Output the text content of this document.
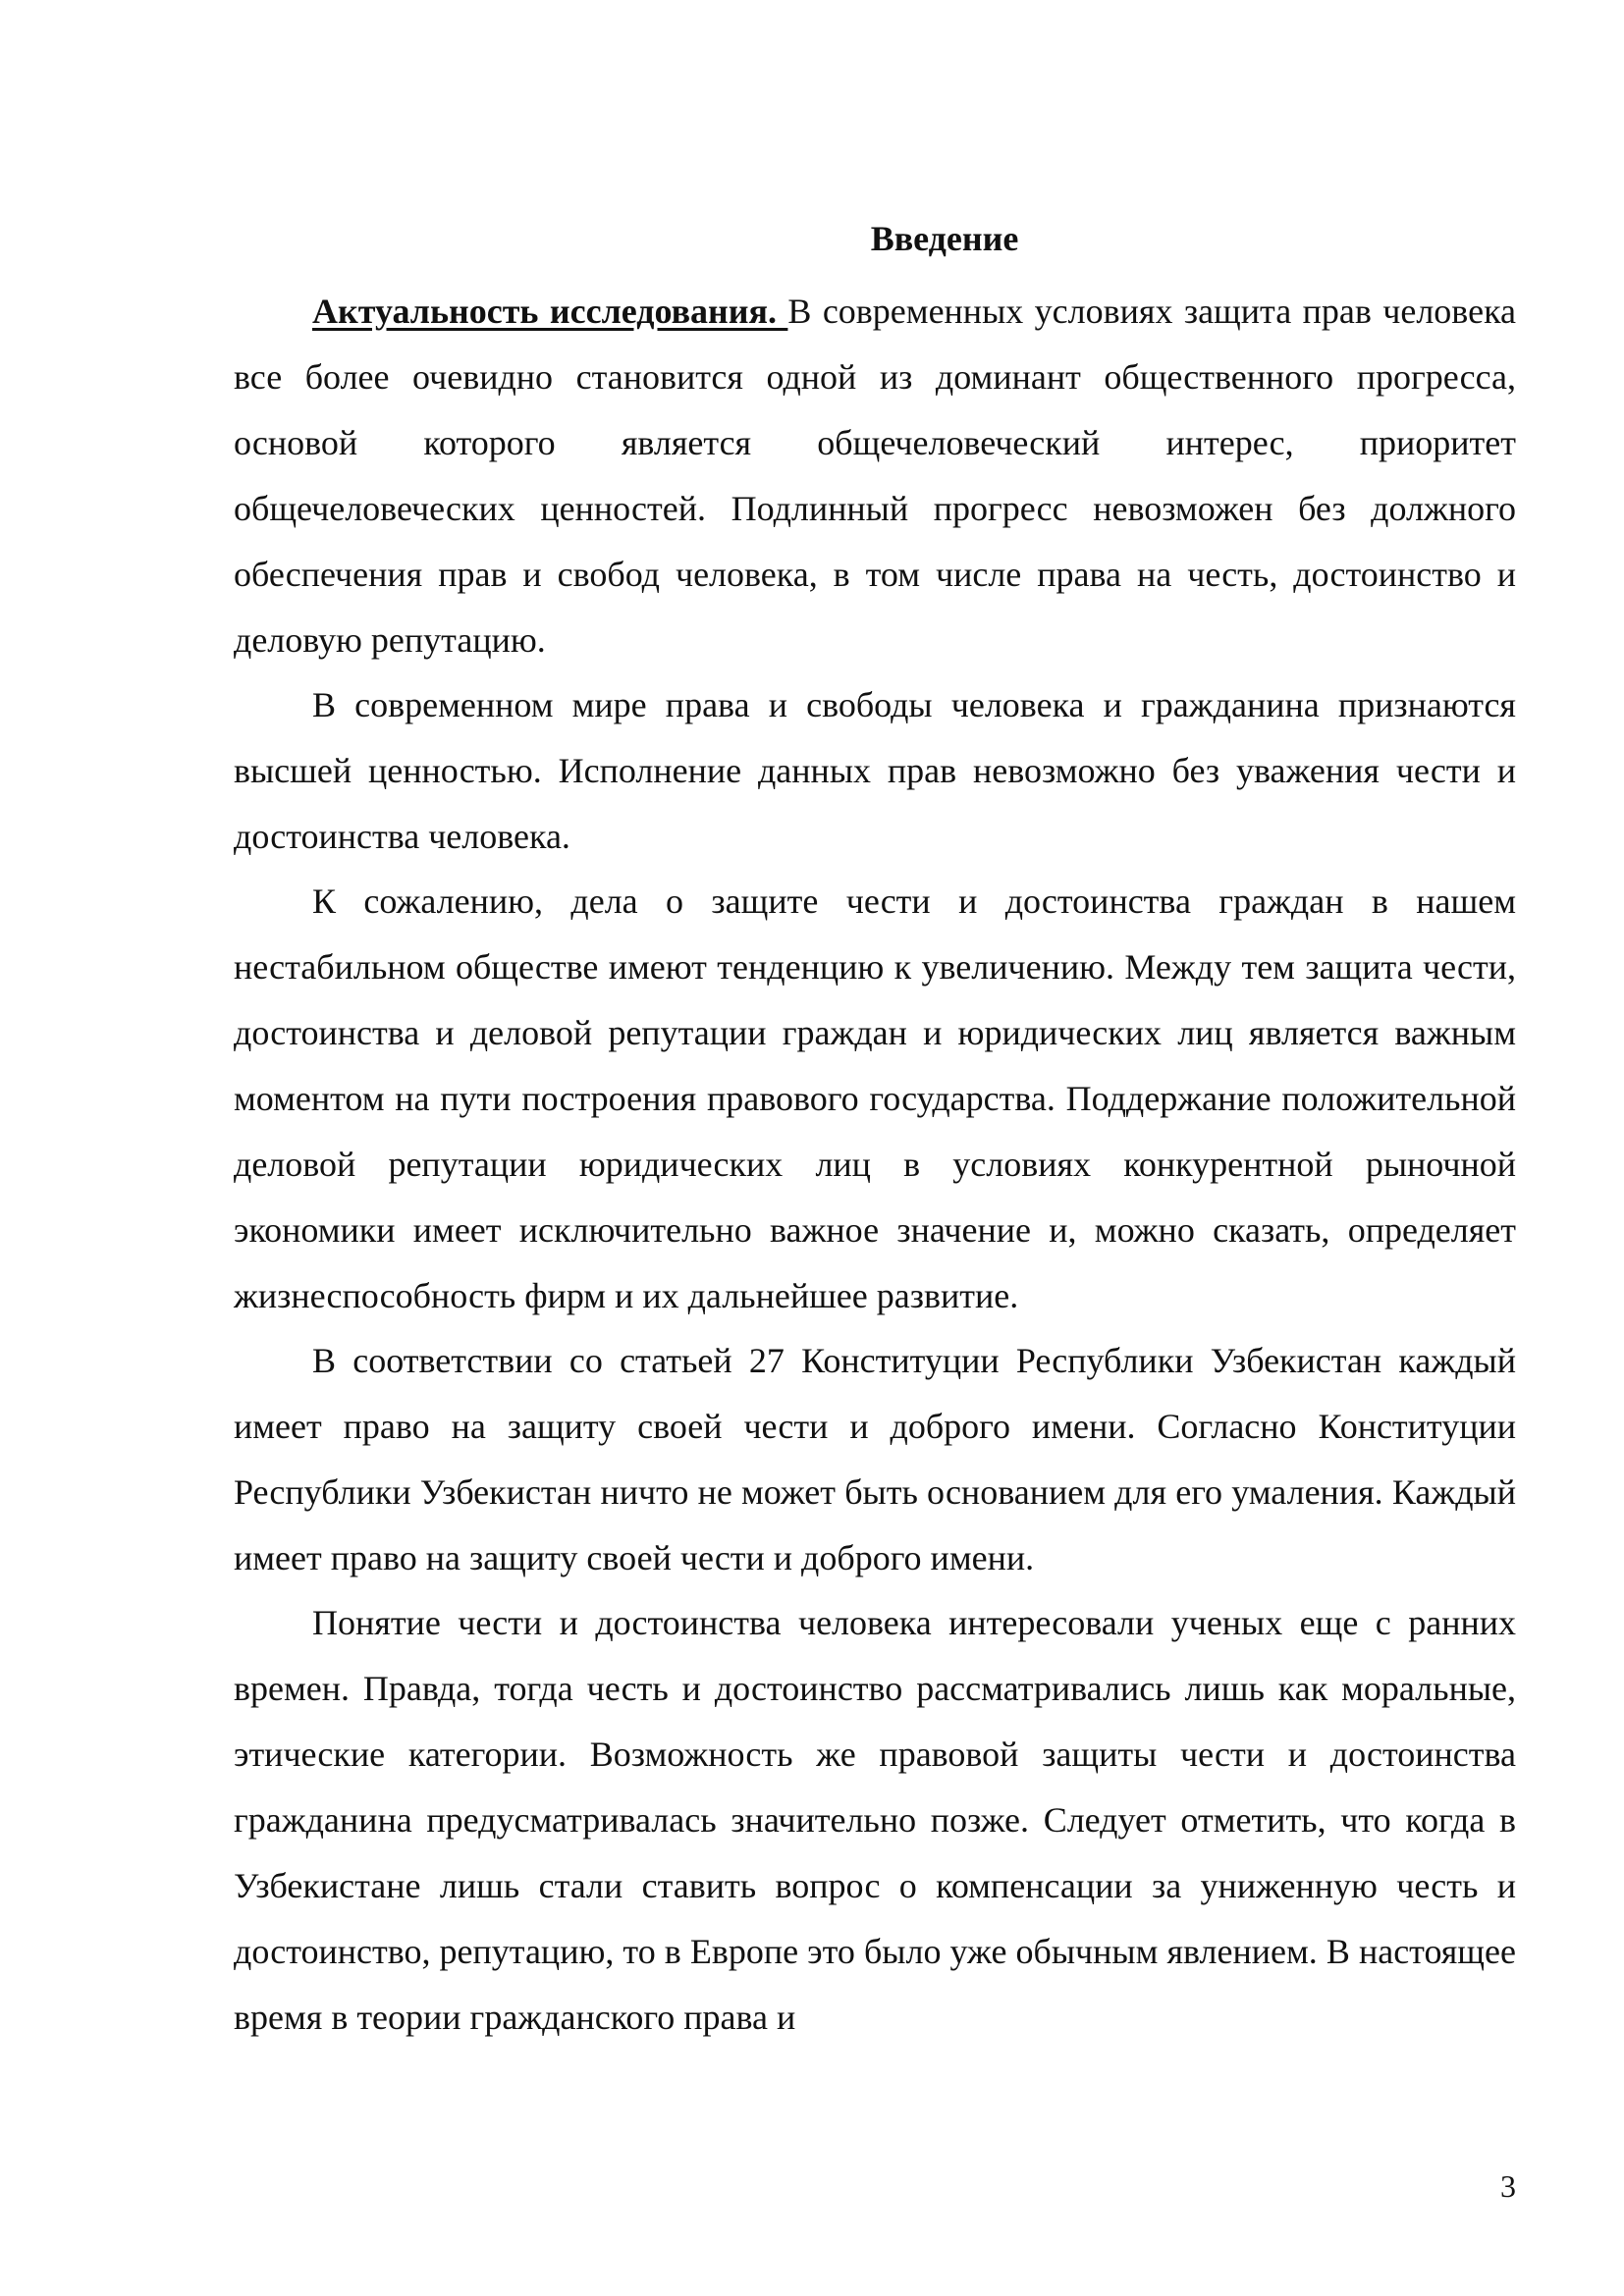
Введение

Актуальность исследования. В современных условиях защита прав человека все более очевидно становится одной из доминант общественного прогресса, основой которого является общечеловеческий интерес, приоритет общечеловеческих ценностей. Подлинный прогресс невозможен без должного обеспечения прав и свобод человека, в том числе права на честь, достоинство и деловую репутацию.

В современном мире права и свободы человека и гражданина признаются высшей ценностью. Исполнение данных прав невозможно без уважения чести и достоинства человека.

К сожалению, дела о защите чести и достоинства граждан в нашем нестабильном обществе имеют тенденцию к увеличению. Между тем защита чести, достоинства и деловой репутации граждан и юридических лиц является важным моментом на пути построения правового государства. Поддержание положительной деловой репутации юридических лиц в условиях конкурентной рыночной экономики имеет исключительно важное значение и, можно сказать, определяет жизнеспособность фирм и их дальнейшее развитие.

В соответствии со статьей 27 Конституции Республики Узбекистан каждый имеет право на защиту своей чести и доброго имени. Согласно Конституции Республики Узбекистан ничто не может быть основанием для его умаления. Каждый имеет право на защиту своей чести и доброго имени.

Понятие чести и достоинства человека интересовали ученых еще с ранних времен. Правда, тогда честь и достоинство рассматривались лишь как моральные, этические категории. Возможность же правовой защиты чести и достоинства гражданина предусматривалась значительно позже. Следует отметить, что когда в Узбекистане лишь стали ставить вопрос о компенсации за униженную честь и достоинство, репутацию, то в Европе это было уже обычным явлением. В настоящее время в теории гражданского права и

3
